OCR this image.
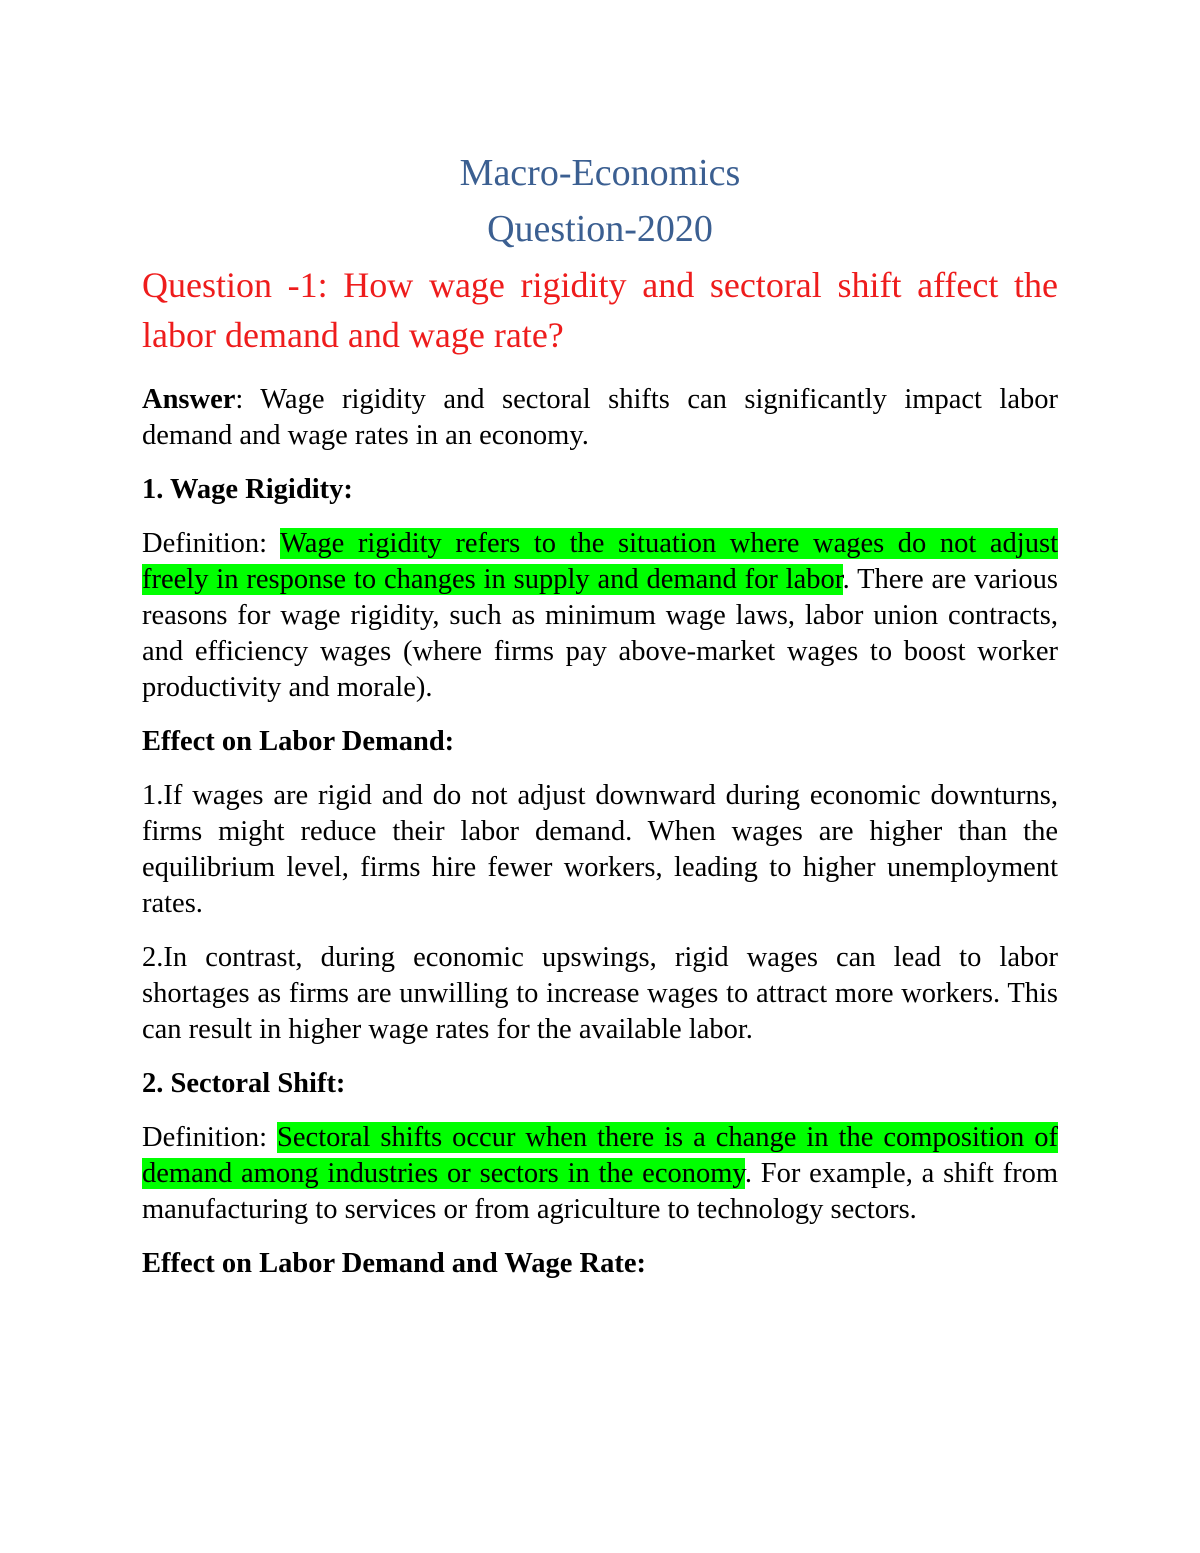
Macro-Economics

Question-2020

Question -1: How wage rigidity and sectoral shift affect the labor demand and wage rate?

Answer: Wage rigidity and sectoral shifts can significantly impact labor demand and wage rates in an economy.

1. Wage Rigidity:

Definition: Wage rigidity refers to the situation where wages do not adjust freely in response to changes in supply and demand for labor. There are various reasons for wage rigidity, such as minimum wage laws, labor union contracts, and efficiency wages (where firms pay above-market wages to boost worker productivity and morale).

Effect on Labor Demand:

1.If wages are rigid and do not adjust downward during economic downturns, firms might reduce their labor demand. When wages are higher than the equilibrium level, firms hire fewer workers, leading to higher unemployment rates.

2.In contrast, during economic upswings, rigid wages can lead to labor shortages as firms are unwilling to increase wages to attract more workers. This can result in higher wage rates for the available labor.

2. Sectoral Shift:

Definition: Sectoral shifts occur when there is a change in the composition of demand among industries or sectors in the economy. For example, a shift from manufacturing to services or from agriculture to technology sectors.

Effect on Labor Demand and Wage Rate:
